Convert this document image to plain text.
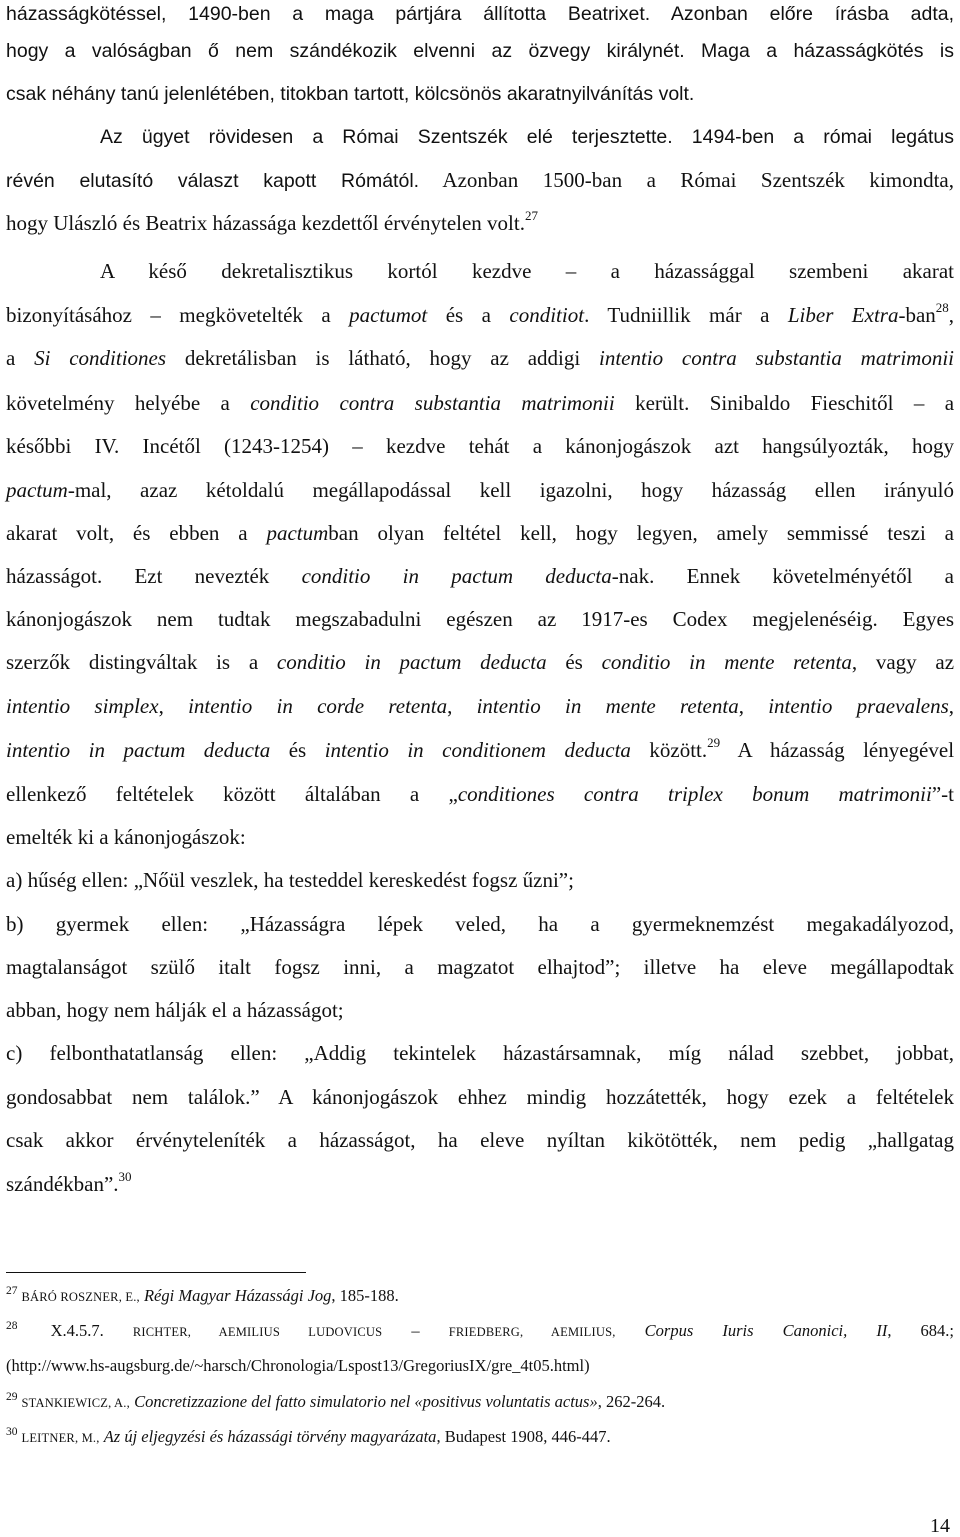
házasságkötéssel, 1490-ben a maga pártjára állította Beatrixet. Azonban előre írásba adta,
hogy a valóságban ő nem szándékozik elvenni az özvegy királynét. Maga a házasságkötés is
csak néhány tanú jelenlétében, titokban tartott, kölcsönös akaratnyilvánítás volt.
Az ügyet rövidesen a Római Szentszék elé terjesztette. 1494-ben a római legátus
révén elutasító választ kapott Rómától. Azonban 1500-ban a Római Szentszék kimondta,
hogy Ulászló és Beatrix házassága kezdettől érvénytelen volt.$^{27}$
A késő dekretalisztikus kortól kezdve – a házassággal szembeni akarat
bizonyításához – megkövetelték a pactumot és a conditiot. Tudniillik már a Liber Extra-ban$^{28}$,
a Si conditiones dekretálisban is látható, hogy az addigi intentio contra substantia matrimonii
követelmény helyébe a conditio contra substantia matrimonii került. Sinibaldo Fieschitől – a
későbbi IV. Incétől (1243-1254) – kezdve tehát a kánonjogászok azt hangsúlyozták, hogy
pactum-mal, azaz kétoldalú megállapodással kell igazolni, hogy házasság ellen irányuló
akarat volt, és ebben a pactumban olyan feltétel kell, hogy legyen, amely semmissé teszi a
házasságot. Ezt nevezték conditio in pactum deducta-nak. Ennek követelményétől a
kánonjogászok nem tudtak megszabadulni egészen az 1917-es Codex megjelenéséig. Egyes
szerzők distingváltak is a conditio in pactum deducta és conditio in mente retenta, vagy az
intentio simplex, intentio in corde retenta, intentio in mente retenta, intentio praevalens,
intentio in pactum deducta és intentio in conditionem deducta között.$^{29}$ A házasság lényegével
ellenkező feltételek között általában a „conditiones contra triplex bonum matrimonii”-t
emelték ki a kánonjogászok:
a) hűség ellen: „Nőül veszlek, ha testeddel kereskedést fogsz űzni”;
b) gyermek ellen: „Házasságra lépek veled, ha a gyermeknemzést megakadályozod,
magtalanságot szülő italt fogsz inni, a magzatot elhajtod”; illetve ha eleve megállapodtak
abban, hogy nem hálják el a házasságot;
c) felbonthatatlanság ellen: „Addig tekintelek házastársamnak, míg nálad szebbet, jobbat,
gondosabbat nem találok.” A kánonjogászok ehhez mindig hozzátették, hogy ezek a feltételek
csak akkor érvényteleníték a házasságot, ha eleve nyíltan kikötötték, nem pedig „hallgatag
szándékban”.$^{30}$
$^{27}$ BÁRÓ ROSZNER, E., Régi Magyar Házassági Jog, 185-188.
$^{28}$ X.4.5.7. RICHTER, AEMILIUS LUDOVICUS – FRIEDBERG, AEMILIUS, Corpus Iuris Canonici, II, 684.;
(http://www.hs-augsburg.de/~harsch/Chronologia/Lspost13/GregoriusIX/gre_4t05.html)
$^{29}$ STANKIEWICZ, A., Concretizzazione del fatto simulatorio nel «positivus voluntatis actus», 262-264.
$^{30}$ LEITNER, M., Az új eljegyzési és házassági törvény magyarázata, Budapest 1908, 446-447.
14
